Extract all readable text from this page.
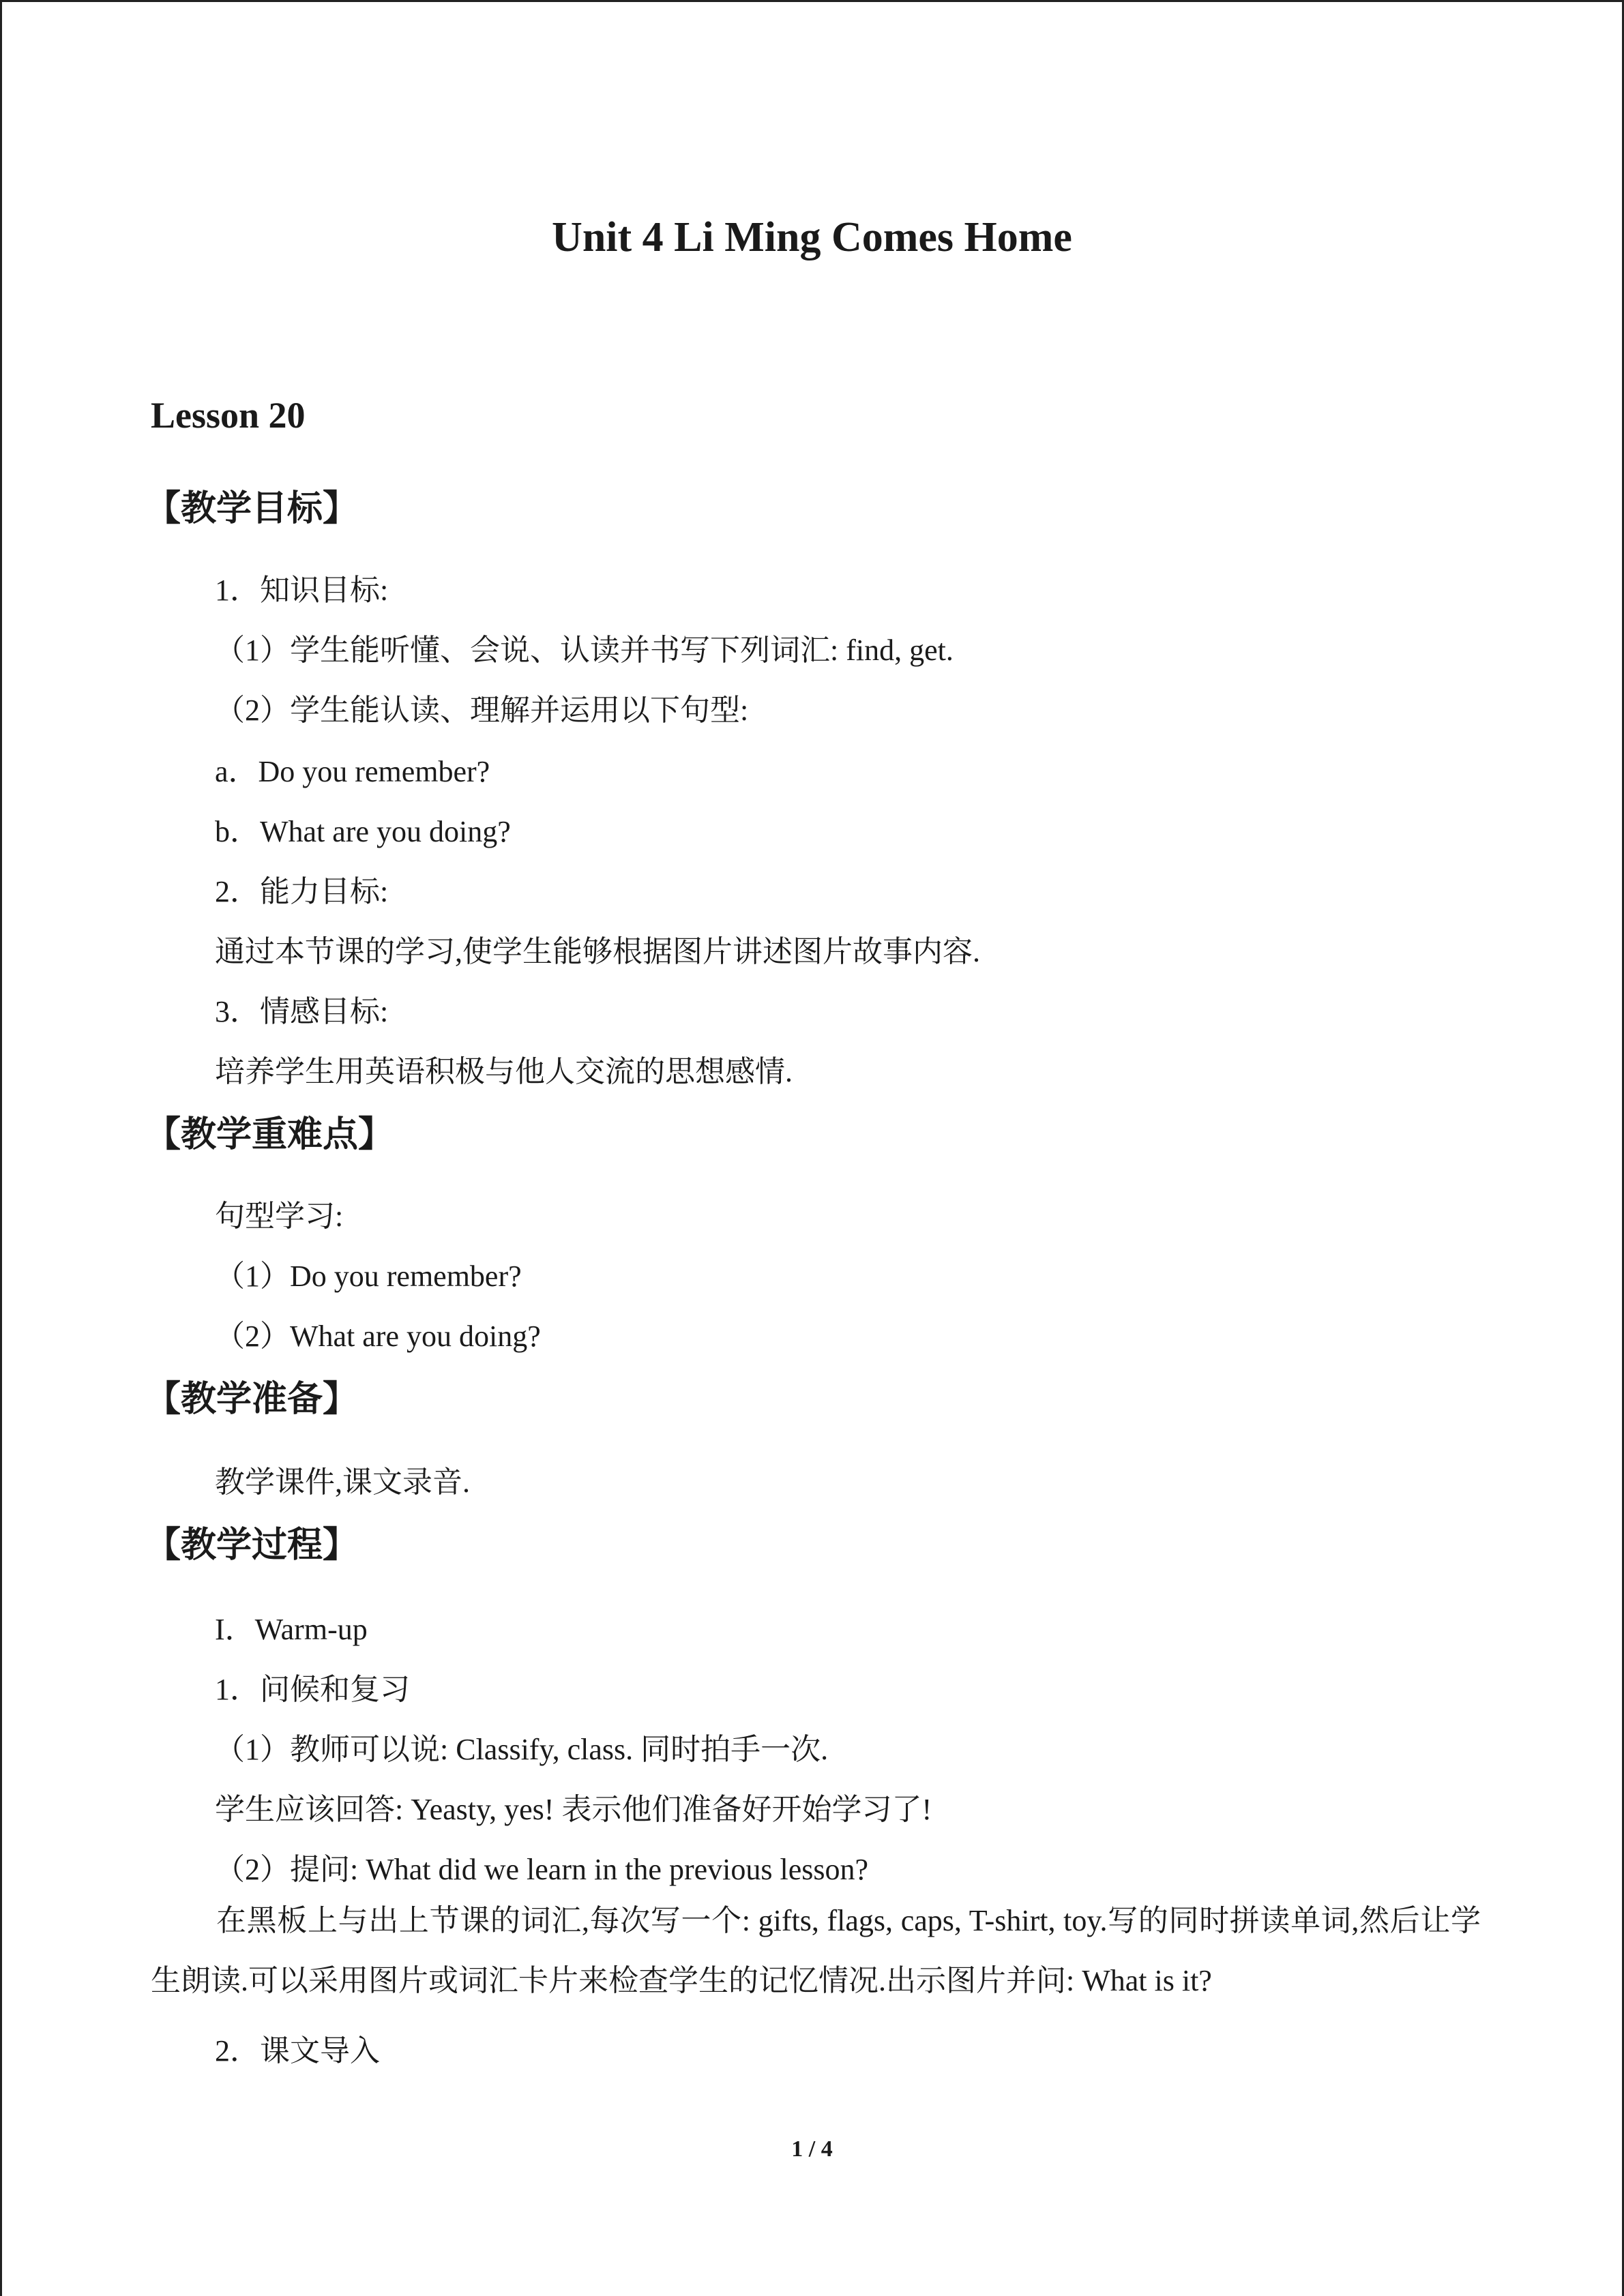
Unit 4 Li Ming Comes Home
Lesson 20
【教学目标】
1．知识目标:
（1）学生能听懂、会说、认读并书写下列词汇: find, get.
（2）学生能认读、理解并运用以下句型:
a．Do you remember?
b．What are you doing?
2．能力目标:
通过本节课的学习,使学生能够根据图片讲述图片故事内容.
3．情感目标:
培养学生用英语积极与他人交流的思想感情.
【教学重难点】
句型学习:
（1）Do you remember?
（2）What are you doing?
【教学准备】
教学课件,课文录音.
【教学过程】
I．Warm-up
1．问候和复习
（1）教师可以说: Classify, class. 同时拍手一次.
学生应该回答: Yeasty, yes! 表示他们准备好开始学习了!
（2）提问: What did we learn in the previous lesson?
在黑板上与出上节课的词汇,每次写一个: gifts, flags, caps, T-shirt, toy.写的同时拼读单词,然后让学生朗读.可以采用图片或词汇卡片来检查学生的记忆情况.出示图片并问: What is it?
2．课文导入
1 / 4
